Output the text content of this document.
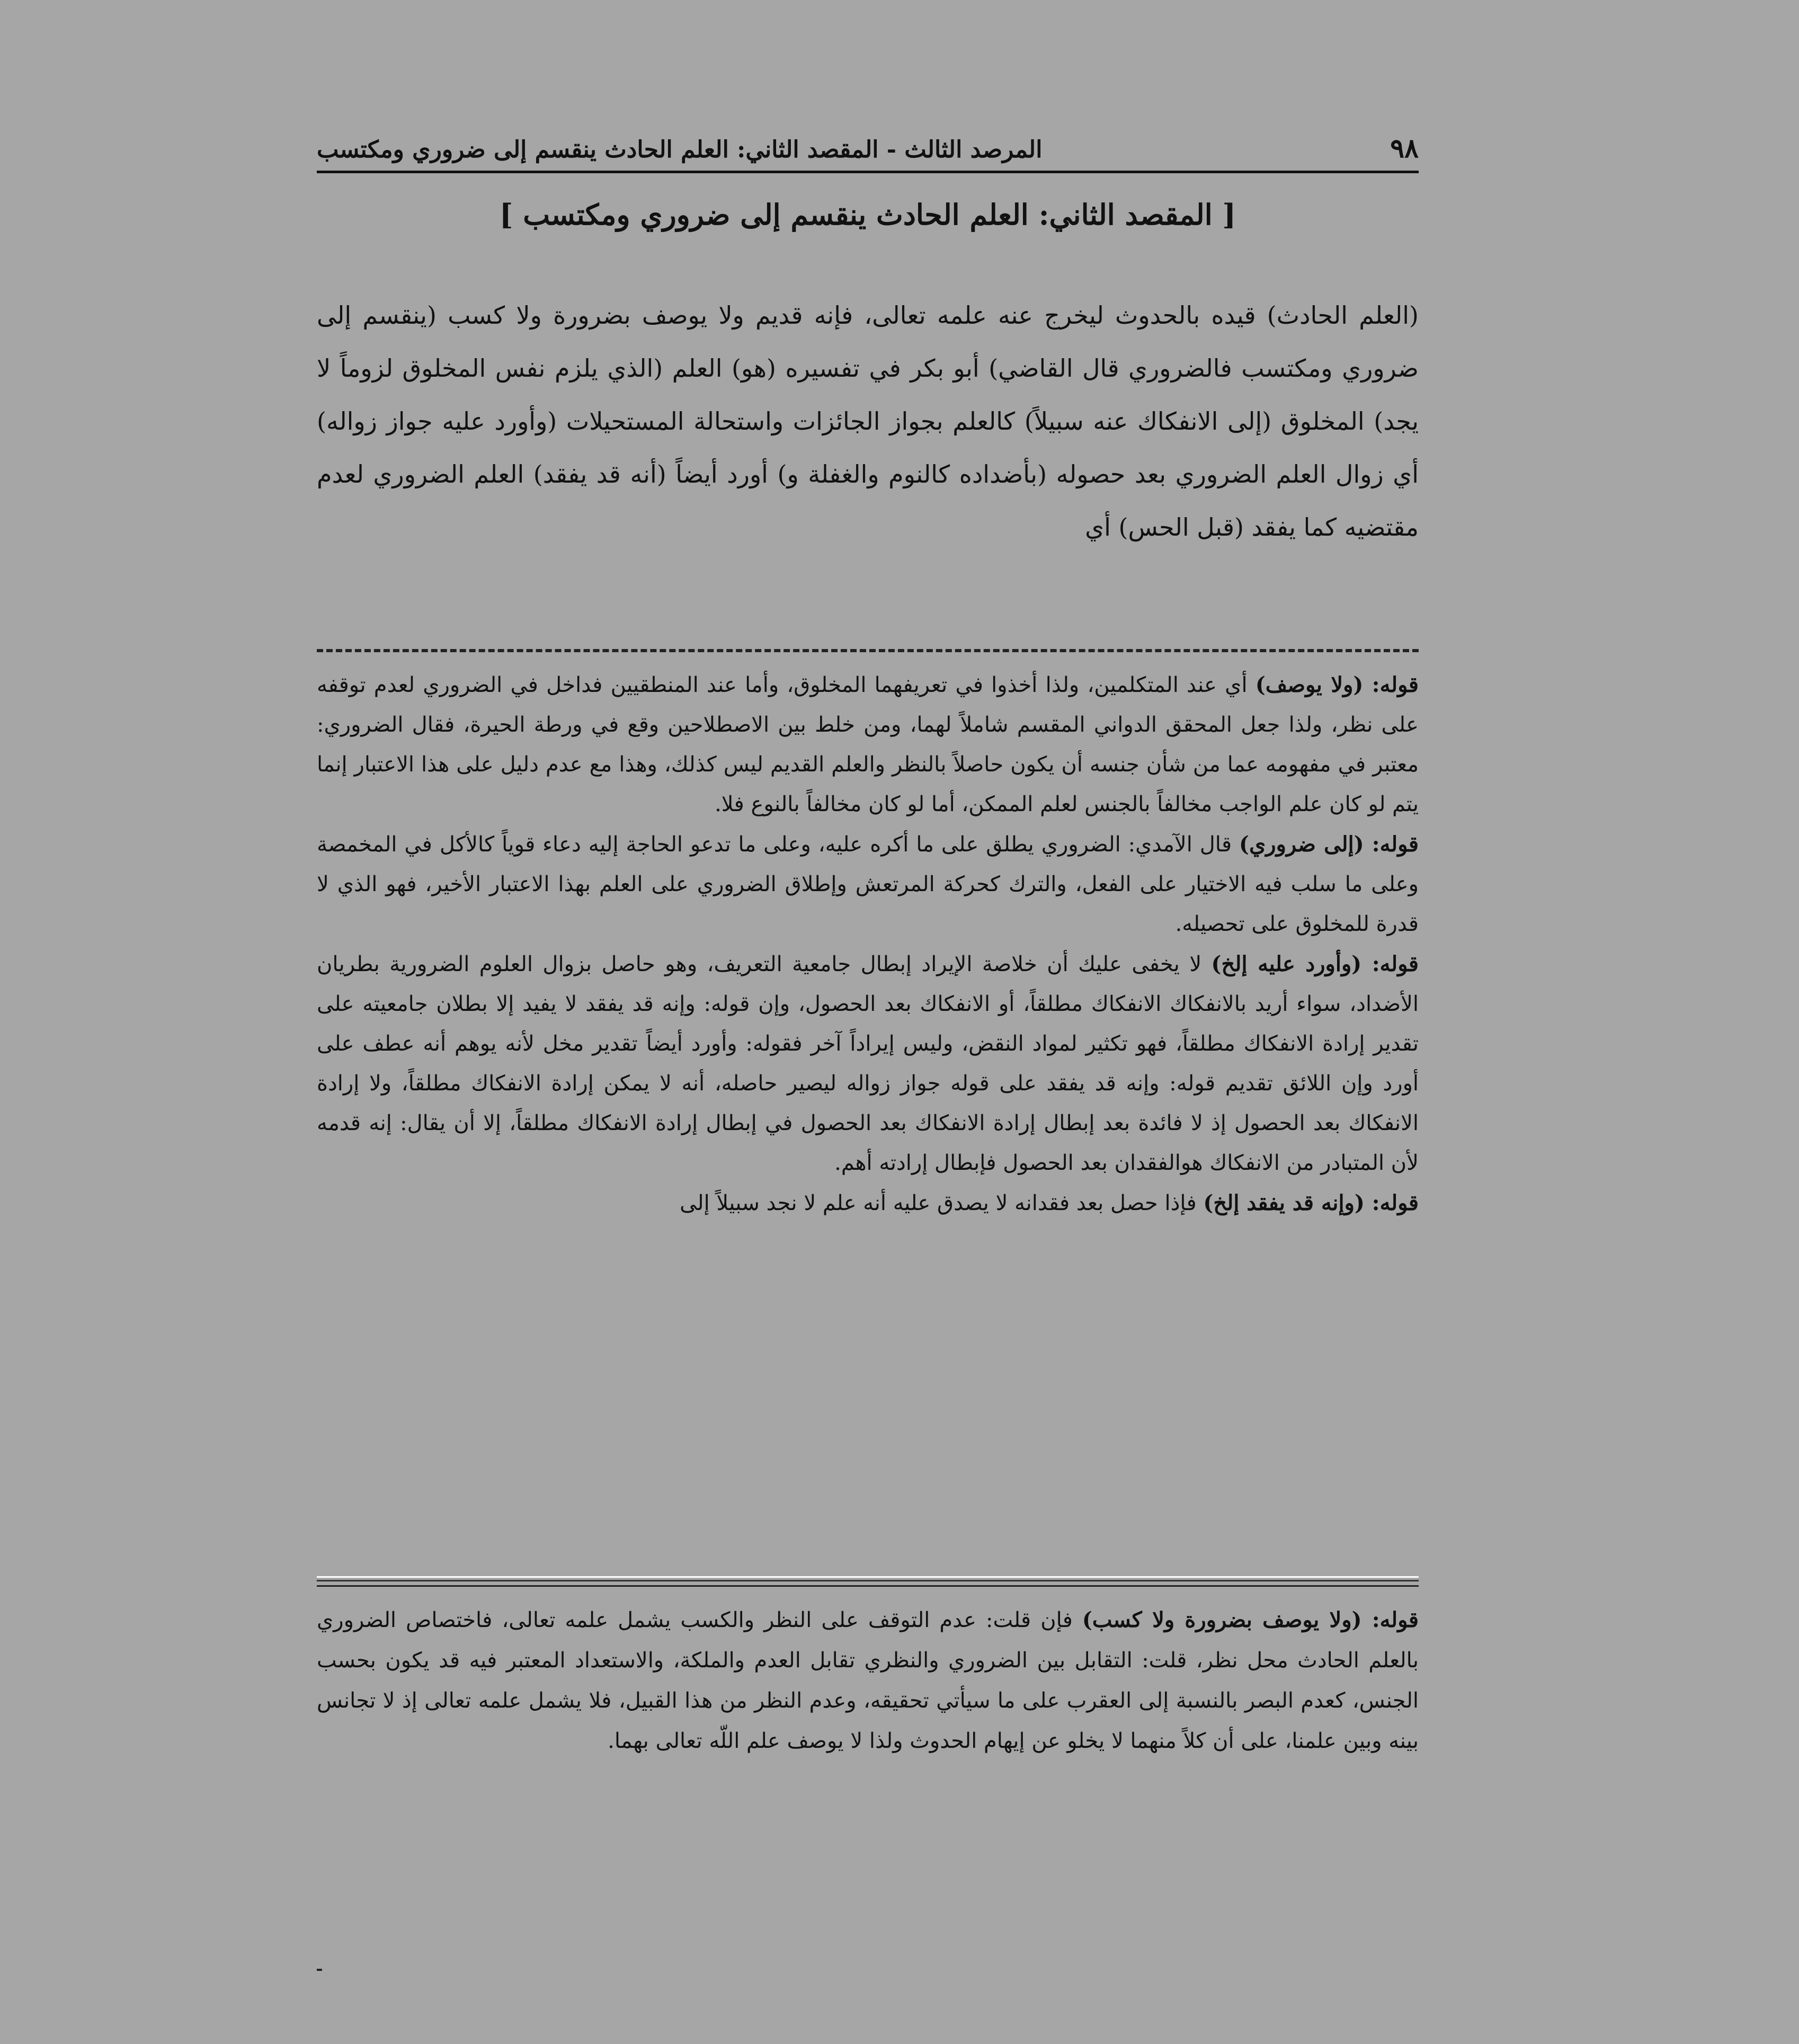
٩٨
المرصد الثالث - المقصد الثاني: العلم الحادث ينقسم إلى ضروري ومكتسب
[ المقصد الثاني: العلم الحادث ينقسم إلى ضروري ومكتسب ]
(العلم الحادث) قيده بالحدوث ليخرج عنه علمه تعالى، فإنه قديم ولا يوصف بضرورة ولا كسب (ينقسم إلى ضروري ومكتسب فالضروري قال القاضي) أبو بكر في تفسيره (هو) العلم (الذي يلزم نفس المخلوق لزوماً لا يجد) المخلوق (إلى الانفكاك عنه سبيلاً) كالعلم بجواز الجائزات واستحالة المستحيلات (وأورد عليه جواز زواله) أي زوال العلم الضروري بعد حصوله (بأضداده كالنوم والغفلة و) أورد أيضاً (أنه قد يفقد) العلم الضروري لعدم مقتضيه كما يفقد (قبل الحس) أي

قوله: (ولا يوصف) أي عند المتكلمين، ولذا أخذوا في تعريفهما المخلوق، وأما عند المنطقيين فداخل في الضروري لعدم توقفه على نظر، ولذا جعل المحقق الدواني المقسم شاملاً لهما، ومن خلط بين الاصطلاحين وقع في ورطة الحيرة، فقال الضروري: معتبر في مفهومه عما من شأن جنسه أن يكون حاصلاً بالنظر والعلم القديم ليس كذلك، وهذا مع عدم دليل على هذا الاعتبار إنما يتم لو كان علم الواجب مخالفاً بالجنس لعلم الممكن، أما لو كان مخالفاً بالنوع فلا.

قوله: (إلى ضروري) قال الآمدي: الضروري يطلق على ما أكره عليه، وعلى ما تدعو الحاجة إليه دعاء قوياً كالأكل في المخمصة وعلى ما سلب فيه الاختيار على الفعل، والترك كحركة المرتعش وإطلاق الضروري على العلم بهذا الاعتبار الأخير، فهو الذي لا قدرة للمخلوق على تحصيله.

قوله: (وأورد عليه إلخ) لا يخفى عليك أن خلاصة الإيراد إبطال جامعية التعريف، وهو حاصل بزوال العلوم الضرورية بطريان الأضداد، سواء أريد بالانفكاك الانفكاك مطلقاً، أو الانفكاك بعد الحصول، وإن قوله: وإنه قد يفقد لا يفيد إلا بطلان جامعيته على تقدير إرادة الانفكاك مطلقاً، فهو تكثير لمواد النقض، وليس إيراداً آخر فقوله: وأورد أيضاً تقدير مخل لأنه يوهم أنه عطف على أورد وإن اللائق تقديم قوله: وإنه قد يفقد على قوله جواز زواله ليصير حاصله، أنه لا يمكن إرادة الانفكاك مطلقاً، ولا إرادة الانفكاك بعد الحصول إذ لا فائدة بعد إبطال إرادة الانفكاك بعد الحصول في إبطال إرادة الانفكاك مطلقاً، إلا أن يقال: إنه قدمه لأن المتبادر من الانفكاك هوالفقدان بعد الحصول فإبطال إرادته أهم.

قوله: (وإنه قد يفقد إلخ) فإذا حصل بعد فقدانه لا يصدق عليه أنه علم لا نجد سبيلاً إلى

قوله: (ولا يوصف بضرورة ولا كسب) فإن قلت: عدم التوقف على النظر والكسب يشمل علمه تعالى، فاختصاص الضروري بالعلم الحادث محل نظر، قلت: التقابل بين الضروري والنظري تقابل العدم والملكة، والاستعداد المعتبر فيه قد يكون بحسب الجنس، كعدم البصر بالنسبة إلى العقرب على ما سيأتي تحقيقه، وعدم النظر من هذا القبيل، فلا يشمل علمه تعالى إذ لا تجانس بينه وبين علمنا، على أن كلاً منهما لا يخلو عن إيهام الحدوث ولذا لا يوصف علم اللّه تعالى بهما.
